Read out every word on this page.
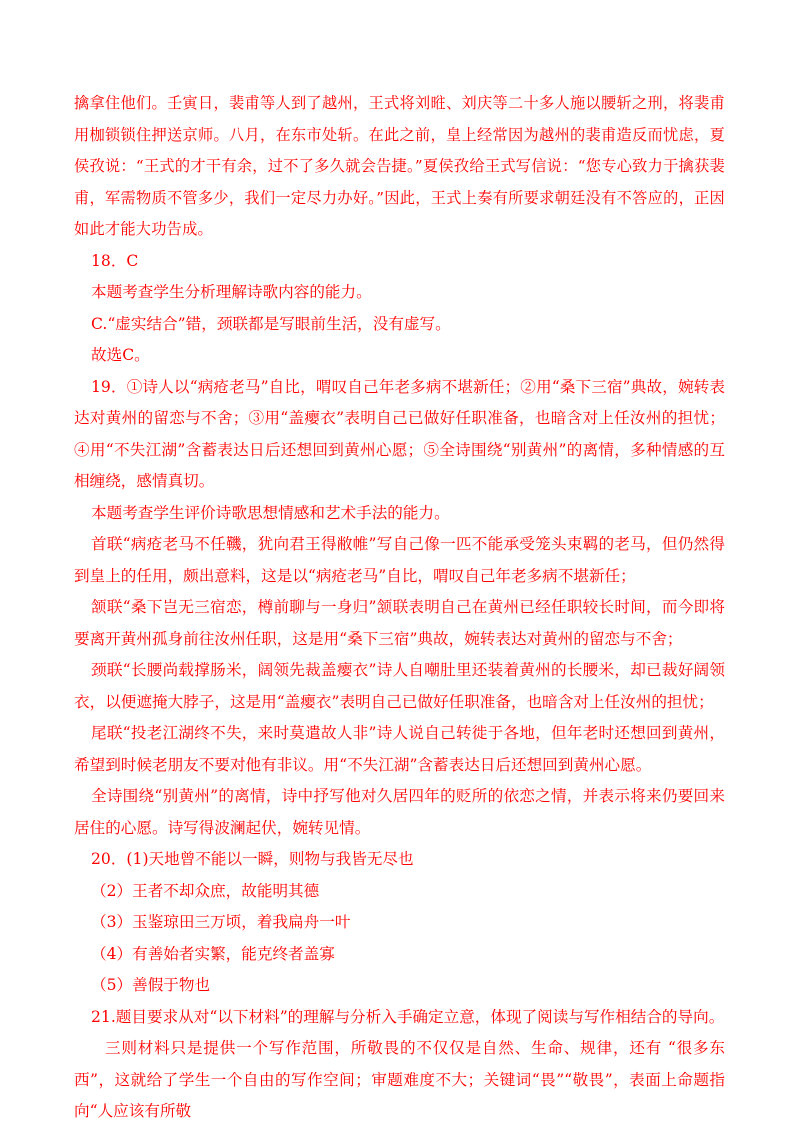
擒拿住他们。壬寅日，裴甫等人到了越州，王式将刘暀、刘庆等二十多人施以腰斩之刑，将裴甫用枷锁锁住押送京师。八月，在东市处斩。在此之前，皇上经常因为越州的裴甫造反而忧虑，夏侯孜说：“王式的才干有余，过不了多久就会告捷。”夏侯孜给王式写信说：“您专心致力于擒获裴甫，军需物质不管多少，我们一定尽力办好。”因此，王式上奏有所要求朝廷没有不答应的，正因如此才能大功告成。

18．C

本题考查学生分析理解诗歌内容的能力。

C.“虚实结合”错，颈联都是写眼前生活，没有虚写。

故选C。

19．①诗人以“病疮老马”自比，喟叹自己年老多病不堪新任；②用“桑下三宿”典故，婉转表达对黄州的留恋与不舍；③用“盖瘿衣”表明自己已做好任职准备，也暗含对上任汝州的担忧；④用“不失江湖”含蓄表达日后还想回到黄州心愿；⑤全诗围绕“别黄州”的离情，多种情感的互相缠绕，感情真切。

本题考查学生评价诗歌思想情感和艺术手法的能力。

首联“病疮老马不任鞿，犹向君王得敝帷”写自己像一匹不能承受笼头束羁的老马，但仍然得到皇上的任用，颇出意料，这是以“病疮老马”自比，喟叹自己年老多病不堪新任；

颔联“桑下岂无三宿恋，樽前聊与一身归”颔联表明自己在黄州已经任职较长时间，而今即将要离开黄州孤身前往汝州任职，这是用“桑下三宿”典故，婉转表达对黄州的留恋与不舍；

颈联“长腰尚载撑肠米，阔领先裁盖瘿衣”诗人自嘲肚里还装着黄州的长腰米，却已裁好阔领衣，以便遮掩大脖子，这是用“盖瘿衣”表明自己已做好任职准备，也暗含对上任汝州的担忧；

尾联“投老江湖终不失，来时莫遣故人非”诗人说自己转徙于各地，但年老时还想回到黄州，希望到时候老朋友不要对他有非议。用“不失江湖”含蓄表达日后还想回到黄州心愿。

全诗围绕“别黄州”的离情，诗中抒写他对久居四年的贬所的依恋之情，并表示将来仍要回来居住的心愿。诗写得波澜起伏，婉转见情。

20．(1)天地曾不能以一瞬，则物与我皆无尽也

（2）王者不却众庶，故能明其德

（3）玉鉴琼田三万顷，着我扁舟一叶

（4）有善始者实繁，能克终者盖寡

（5）善假于物也

21.题目要求从对“以下材料”的理解与分析入手确定立意，体现了阅读与写作相结合的导向。

三则材料只是提供一个写作范围，所敬畏的不仅仅是自然、生命、规律，还有 “很多东西”，这就给了学生一个自由的写作空间；审题难度不大；关键词“畏”“敬畏”，表面上命题指向“人应该有所敬
